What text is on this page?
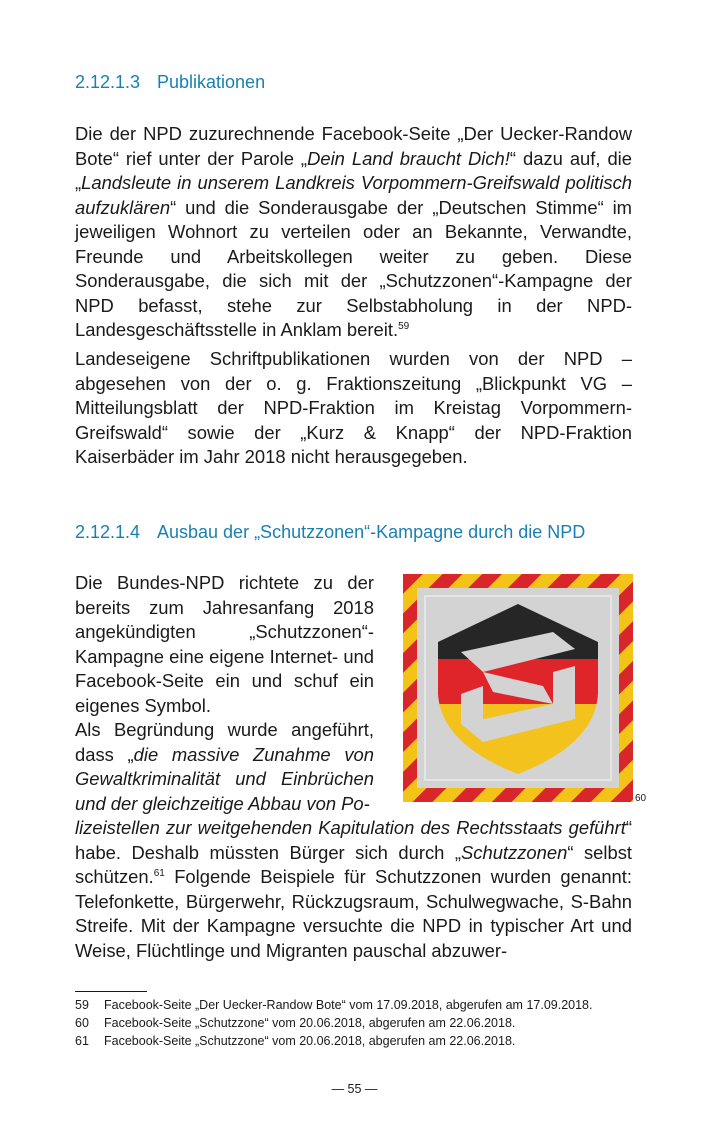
2.12.1.3 Publikationen

Die der NPD zuzurechnende Facebook-Seite „Der Uecker-Randow Bote“ rief unter der Parole „Dein Land braucht Dich!“ dazu auf, die „Landsleute in unserem Landkreis Vorpommern-Greifswald politisch aufzuklären“ und die Sonderausgabe der „Deutschen Stimme“ im jeweiligen Wohnort zu verteilen oder an Bekannte, Verwandte, Freunde und Arbeitskollegen weiter zu geben. Diese Sonderausgabe, die sich mit der „Schutzzonen“-Kampagne der NPD befasst, stehe zur Selbstabholung in der NPD-Landesgeschäftsstelle in Anklam bereit.$^{59}$

Landeseigene Schriftpublikationen wurden von der NPD – abgesehen von der o. g. Fraktionszeitung „Blickpunkt VG – Mitteilungsblatt der NPD-Fraktion im Kreistag Vorpommern-Greifswald“ sowie der „Kurz & Knapp“ der NPD-Fraktion Kaiserbäder im Jahr 2018 nicht herausgegeben.

2.12.1.4 Ausbau der „Schutzzonen“-Kampagne durch die NPD

Die Bundes-NPD richtete zu der bereits zum Jahresanfang 2018 angekündigten „Schutzzonen“-Kampagne eine eigene Internet- und Facebook-Seite ein und schuf ein eigenes Symbol.

Als Begründung wurde angeführt, dass „die massive Zunahme von Gewaltkriminalität und Einbrüchen und der gleichzeitige Abbau von Po-	60

lizeistellen zur weitgehenden Kapitulation des Rechtsstaats geführt“ habe. Deshalb müssten Bürger sich durch „Schutzzonen“ selbst schützen.$^{61}$ Folgende Beispiele für Schutzzonen wurden genannt: Telefonkette, Bürgerwehr, Rückzugsraum, Schulwegwache, S-Bahn Streife. Mit der Kampagne versuchte die NPD in typischer Art und Weise, Flüchtlinge und Migranten pauschal abzuwer-

59	Facebook-Seite „Der Uecker-Randow Bote“ vom 17.09.2018, abgerufen am 17.09.2018.
60	Facebook-Seite „Schutzzone“ vom 20.06.2018, abgerufen am 22.06.2018.
61	Facebook-Seite „Schutzzone“ vom 20.06.2018, abgerufen am 22.06.2018.
— 55 —
